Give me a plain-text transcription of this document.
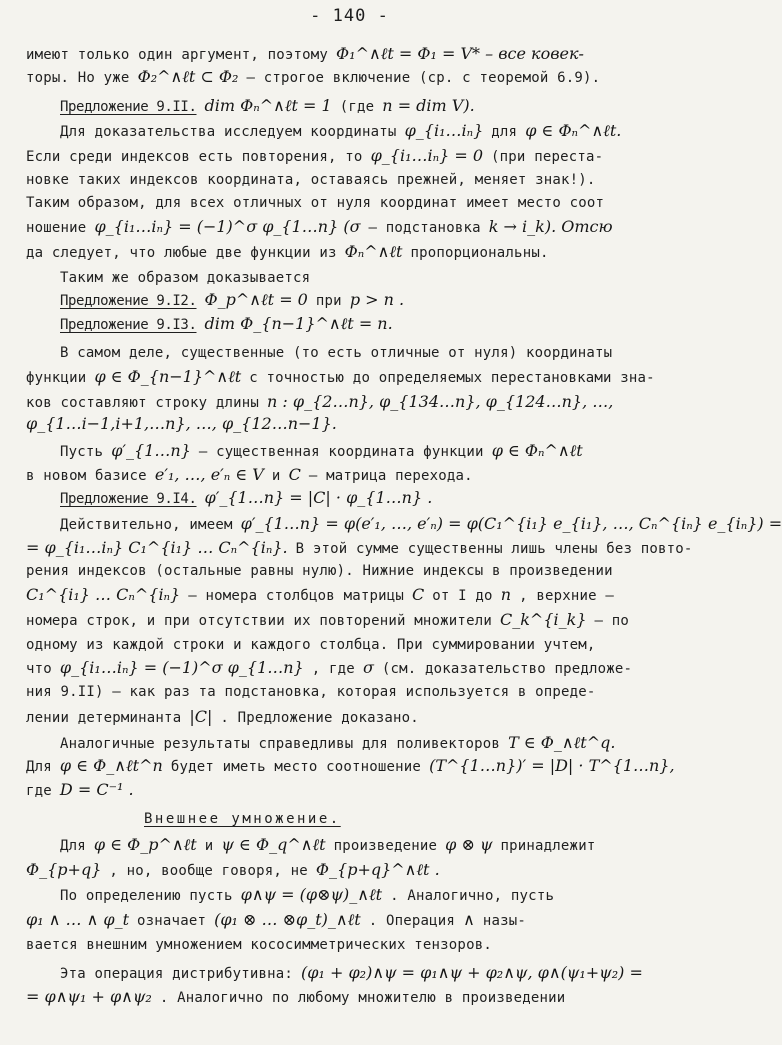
- 140 -
имеют только один аргумент, поэтому Φ₁^∧ℓt = Φ₁ = V* – все ковек-
торы. Но уже Φ₂^∧ℓt ⊂ Φ₂ – строгое включение (ср. с теоремой 6.9).
Предложение 9.II. dim Φₙ^∧ℓt = 1 (где n = dim V).
Для доказательства исследуем координаты φ_{i₁…iₙ} для φ ∈ Φₙ^∧ℓt.
Если среди индексов есть повторения, то φ_{i₁…iₙ} = 0 (при переста-
новке таких индексов координата, оставаясь прежней, меняет знак!).
Таким образом, для всех отличных от нуля координат имеет место соот
ношение φ_{i₁…iₙ} = (−1)^σ φ_{1…n} (σ – подстановка k → i_k). Отсю
да следует, что любые две функции из Φₙ^∧ℓt пропорциональны.
Таким же образом доказывается
Предложение 9.I2. Φ_p^∧ℓt = 0 при p > n .
Предложение 9.I3. dim Φ_{n−1}^∧ℓt = n.
В самом деле, существенные (то есть отличные от нуля) координаты
функции φ ∈ Φ_{n−1}^∧ℓt с точностью до определяемых перестановками зна-
ков составляют строку длины n : φ_{2…n}, φ_{134…n}, φ_{124…n}, …,
φ_{1…i−1,i+1,…n}, …, φ_{12…n−1}.
Пусть φ′_{1…n} – существенная координата функции φ ∈ Φₙ^∧ℓt
в новом базисе e′₁, …, e′ₙ ∈ V и C – матрица перехода.
Предложение 9.I4. φ′_{1…n} = |C| · φ_{1…n} .
Действительно, имеем φ′_{1…n} = φ(e′₁, …, e′ₙ) = φ(C₁^{i₁} e_{i₁}, …, Cₙ^{iₙ} e_{iₙ}) =
= φ_{i₁…iₙ} C₁^{i₁} … Cₙ^{iₙ}. В этой сумме существенны лишь члены без повто-
рения индексов (остальные равны нулю). Нижние индексы в произведении
C₁^{i₁} … Cₙ^{iₙ} – номера столбцов матрицы C от I до n , верхние –
номера строк, и при отсутствии их повторений множители C_k^{i_k} – по
одному из каждой строки и каждого столбца. При суммировании учтем,
что φ_{i₁…iₙ} = (−1)^σ φ_{1…n} , где σ (см. доказательство предложе-
ния 9.II) – как раз та подстановка, которая используется в опреде-
лении детерминанта |C| . Предложение доказано.
Аналогичные результаты справедливы для поливекторов T ∈ Φ_∧ℓt^q.
Для φ ∈ Φ_∧ℓt^n будет иметь место соотношение (T^{1…n})′ = |D| · T^{1…n},
где D = C⁻¹ .
Внешнее умножение.
Для φ ∈ Φ_p^∧ℓt и ψ ∈ Φ_q^∧ℓt произведение φ ⊗ ψ принадлежит
Φ_{p+q} , но, вообще говоря, не Φ_{p+q}^∧ℓt .
По определению пусть φ∧ψ = (φ⊗ψ)_∧ℓt . Аналогично, пусть
φ₁ ∧ … ∧ φ_t означает (φ₁ ⊗ … ⊗φ_t)_∧ℓt . Операция ∧ назы-
вается внешним умножением кососимметрических тензоров.
Эта операция дистрибутивна: (φ₁ + φ₂)∧ψ = φ₁∧ψ + φ₂∧ψ, φ∧(ψ₁+ψ₂) =
= φ∧ψ₁ + φ∧ψ₂ . Аналогично по любому множителю в произведении
